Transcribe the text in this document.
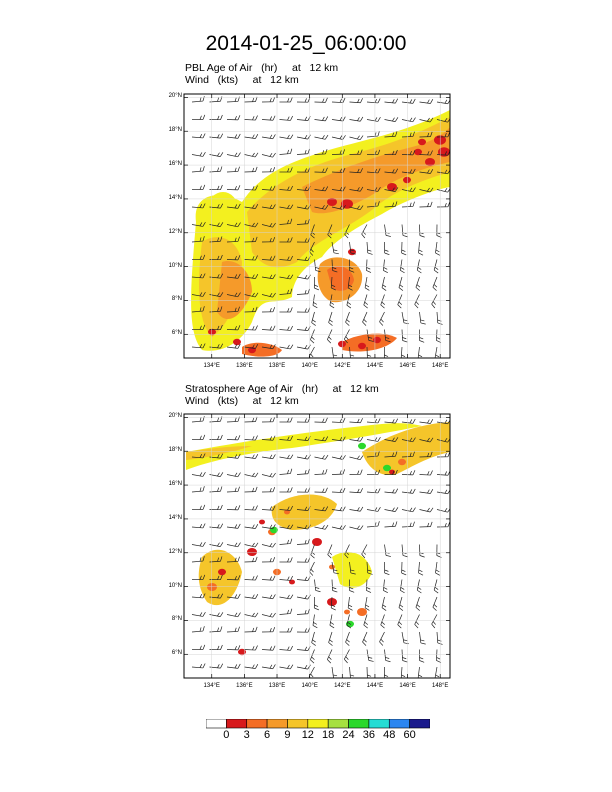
2014-01-25_06:00:00
PBL Age of Air   (hr)     at   12 km
Wind   (kts)     at   12 km
Stratosphere Age of Air   (hr)     at   12 km
Wind   (kts)     at   12 km
0 3 6 9 12 18 24 36 48 60
20°N
18°N
16°N
14°N
12°N
10°N
8°N
6°N
134°E	136°E	138°E	140°E	142°E	144°E	146°E	148°E
20°N
18°N
16°N
14°N
12°N
10°N
8°N
6°N
134°E	136°E	138°E	140°E	142°E	144°E	146°E	148°E
